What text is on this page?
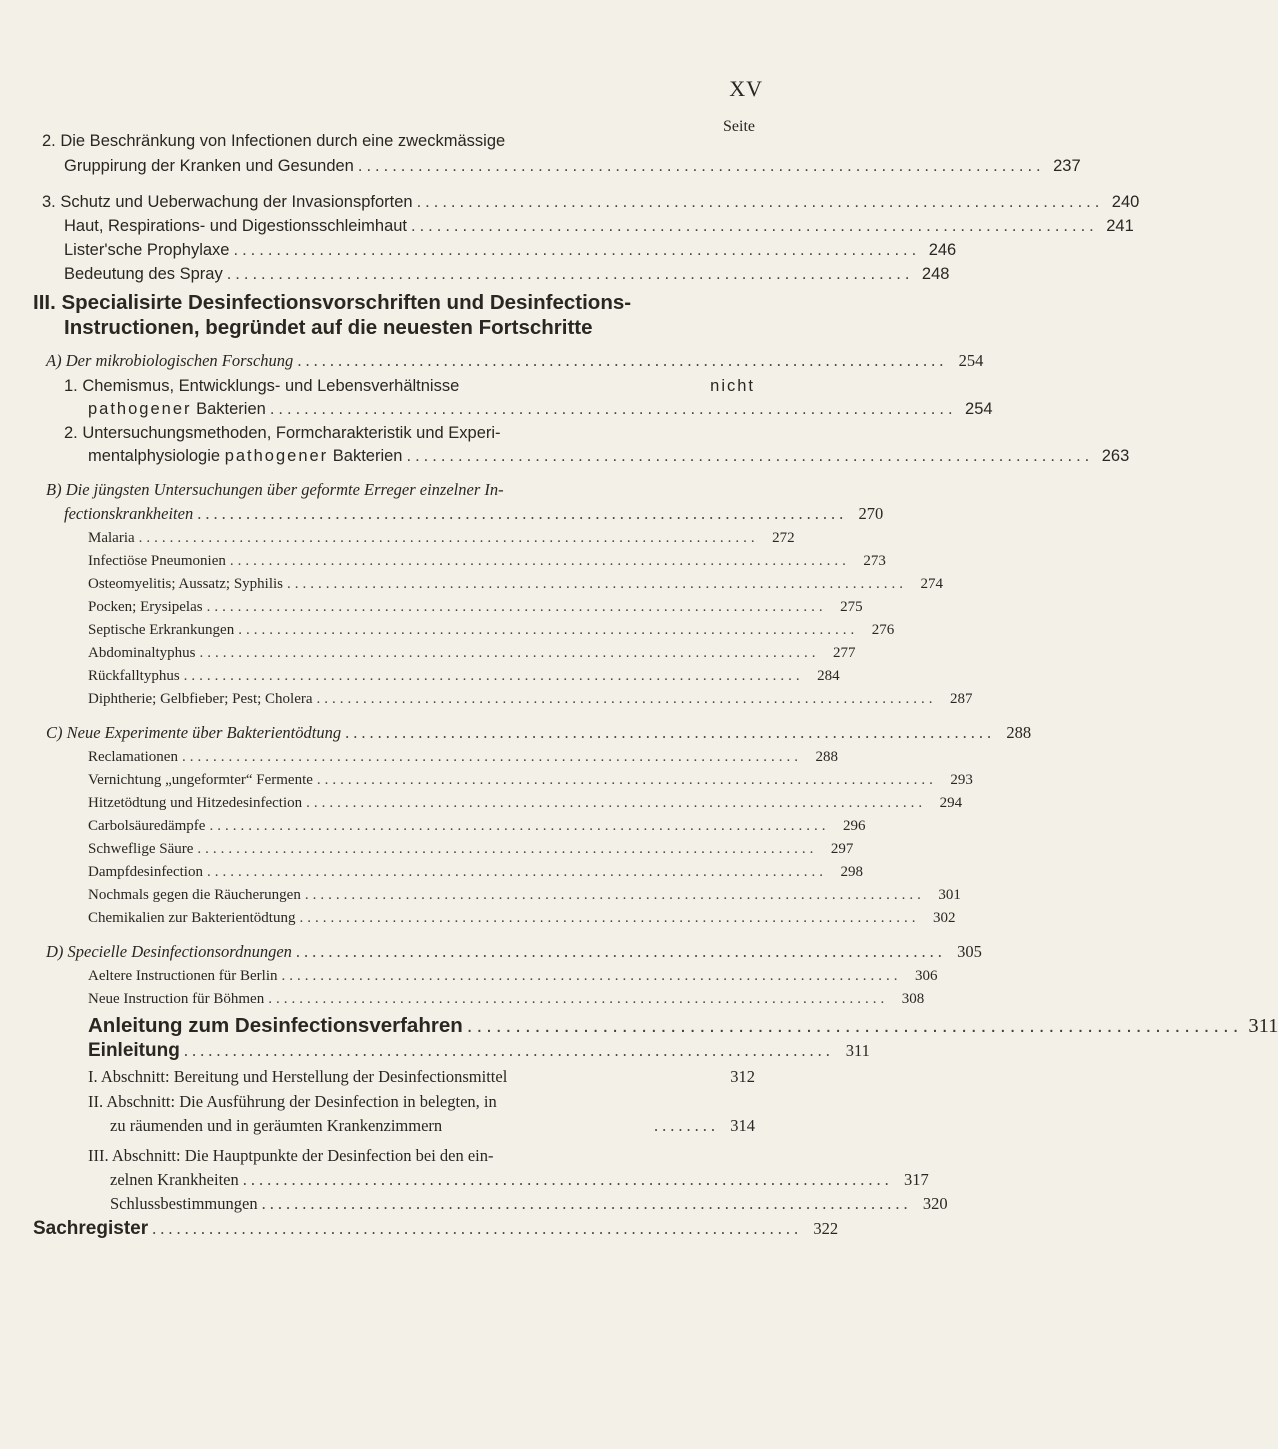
XV
Seite
2. Die Beschränkung von Infectionen durch eine zweckmässige
Gruppirung der Kranken und Gesunden ................................................................................ 237
3. Schutz und Ueberwachung der Invasionspforten ................................................................................ 240
Haut, Respirations- und Digestionsschleimhaut ................................................................................ 241
Lister'sche Prophylaxe ................................................................................ 246
Bedeutung des Spray ................................................................................ 248
III. Specialisirte Desinfectionsvorschriften und Desinfections-
Instructionen, begründet auf die neuesten Fortschritte
A) Der mikrobiologischen Forschung ................................................................................ 254
1. Chemismus, Entwicklungs- und Lebensverhältnisse	nicht
pathogener Bakterien ................................................................................ 254
2. Untersuchungsmethoden, Formcharakteristik und Experi-
mentalphysiologie pathogener Bakterien ................................................................................ 263
B) Die jüngsten Untersuchungen über geformte Erreger einzelner In-
fectionskrankheiten ................................................................................ 270
Malaria ................................................................................ 272
Infectiöse Pneumonien ................................................................................ 273
Osteomyelitis; Aussatz; Syphilis ................................................................................ 274
Pocken; Erysipelas ................................................................................ 275
Septische Erkrankungen ................................................................................ 276
Abdominaltyphus ................................................................................ 277
Rückfalltyphus ................................................................................ 284
Diphtherie; Gelbfieber; Pest; Cholera ................................................................................ 287
C) Neue Experimente über Bakterientödtung ................................................................................ 288
Reclamationen ................................................................................ 288
Vernichtung „ungeformter“ Fermente ................................................................................ 293
Hitzetödtung und Hitzedesinfection ................................................................................ 294
Carbolsäuredämpfe ................................................................................ 296
Schweflige Säure ................................................................................ 297
Dampfdesinfection ................................................................................ 298
Nochmals gegen die Räucherungen ................................................................................ 301
Chemikalien zur Bakterientödtung ................................................................................ 302
D) Specielle Desinfectionsordnungen ................................................................................ 305
Aeltere Instructionen für Berlin ................................................................................ 306
Neue Instruction für Böhmen ................................................................................ 308
Anleitung zum Desinfectionsverfahren ................................................................................ 311
Einleitung ................................................................................ 311
I. Abschnitt: Bereitung und Herstellung der Desinfectionsmittel	312
II. Abschnitt: Die Ausführung der Desinfection in belegten, in
zu räumenden und in geräumten Krankenzimmern	........ 314
III. Abschnitt: Die Hauptpunkte der Desinfection bei den ein-
zelnen Krankheiten ................................................................................ 317
Schlussbestimmungen ................................................................................ 320
Sachregister ................................................................................ 322
